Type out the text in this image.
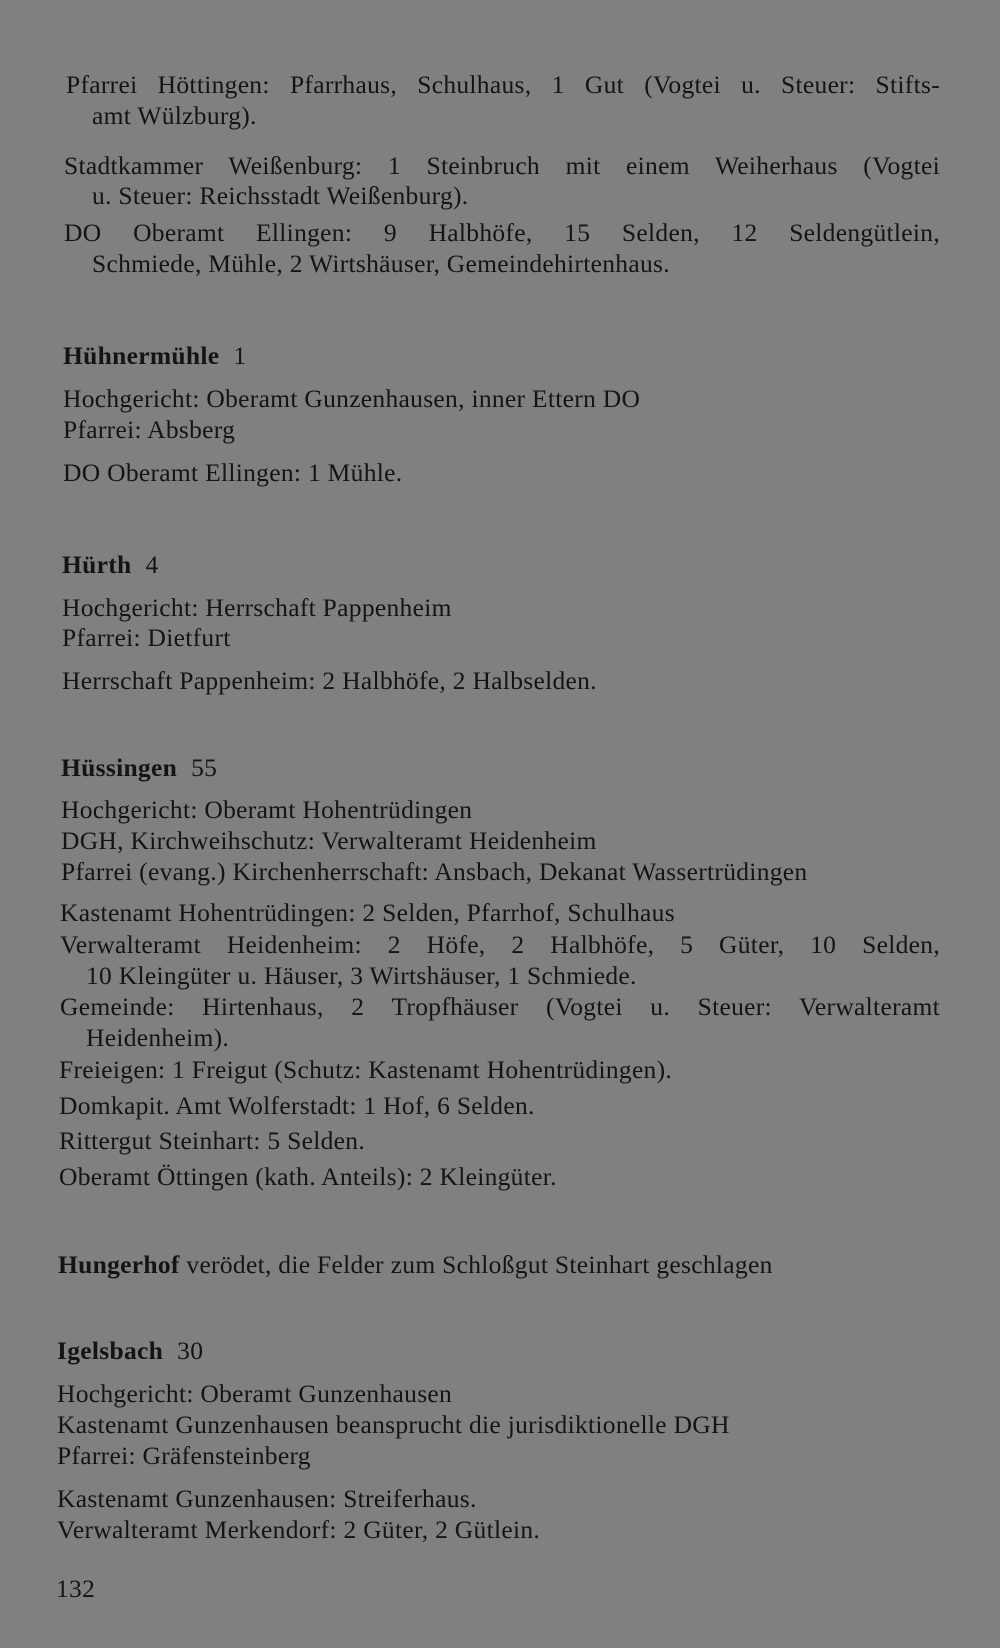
Pfarrei Höttingen: Pfarrhaus, Schulhaus, 1 Gut (Vogtei u. Steuer: Stifts-
amt Wülzburg).
Stadtkammer Weißenburg: 1 Steinbruch mit einem Weiherhaus (Vogtei
u. Steuer: Reichsstadt Weißenburg).
DO Oberamt Ellingen: 9 Halbhöfe, 15 Selden, 12 Seldengütlein,
Schmiede, Mühle, 2 Wirtshäuser, Gemeindehirtenhaus.
Hühnermühle 1
Hochgericht: Oberamt Gunzenhausen, inner Ettern DO
Pfarrei: Absberg
DO Oberamt Ellingen: 1 Mühle.
Hürth 4
Hochgericht: Herrschaft Pappenheim
Pfarrei: Dietfurt
Herrschaft Pappenheim: 2 Halbhöfe, 2 Halbselden.
Hüssingen 55
Hochgericht: Oberamt Hohentrüdingen
DGH, Kirchweihschutz: Verwalteramt Heidenheim
Pfarrei (evang.) Kirchenherrschaft: Ansbach, Dekanat Wassertrüdingen
Kastenamt Hohentrüdingen: 2 Selden, Pfarrhof, Schulhaus
Verwalteramt Heidenheim: 2 Höfe, 2 Halbhöfe, 5 Güter, 10 Selden,
10 Kleingüter u. Häuser, 3 Wirtshäuser, 1 Schmiede.
Gemeinde: Hirtenhaus, 2 Tropfhäuser (Vogtei u. Steuer: Verwalteramt
Heidenheim).
Freieigen: 1 Freigut (Schutz: Kastenamt Hohentrüdingen).
Domkapit. Amt Wolferstadt: 1 Hof, 6 Selden.
Rittergut Steinhart: 5 Selden.
Oberamt Öttingen (kath. Anteils): 2 Kleingüter.
Hungerhof verödet, die Felder zum Schloßgut Steinhart geschlagen
Igelsbach 30
Hochgericht: Oberamt Gunzenhausen
Kastenamt Gunzenhausen beansprucht die jurisdiktionelle DGH
Pfarrei: Gräfensteinberg
Kastenamt Gunzenhausen: Streiferhaus.
Verwalteramt Merkendorf: 2 Güter, 2 Gütlein.
132
